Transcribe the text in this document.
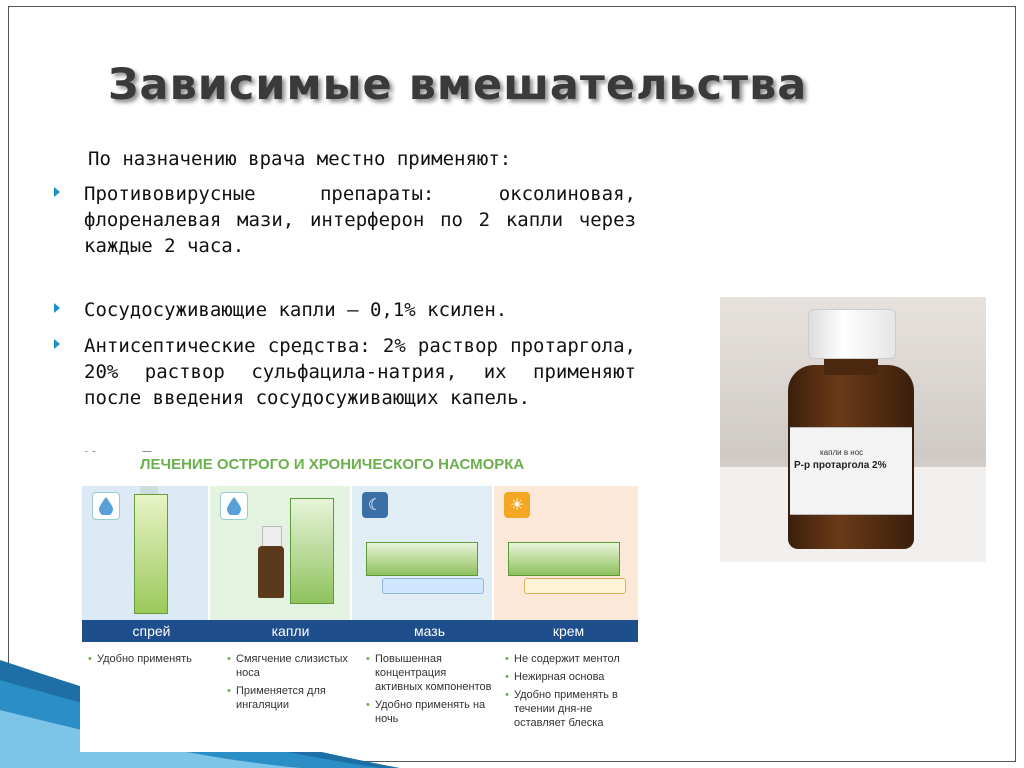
Зависимые вмешательства
По назначению врача местно применяют:
Противовирусные препараты: оксолиновая, флореналевая мази, интерферон по 2 капли через каждые 2 часа.
Сосудосуживающие капли – 0,1% ксилен.
Антисептические средства: 2% раствор протаргола, 20% раствор сульфацила-натрия, их применяют после введения сосудосуживающих капель.
ЛЕЧЕНИЕ ОСТРОГО И ХРОНИЧЕСКОГО НАСМОРКА
☾	☀
спрей	капли	мазь	крем

• Удобно применять

•	Смягчение слизистых носа

• Применяется для ингаляции

• Повышенная концентрация активных компонентов

• Удобно применять на ночь

• Не содержит ментол

• Нежирная основа

• Удобно применять в течении дня-не оставляет блеска

капли в нос
Р-р протаргола 2%
